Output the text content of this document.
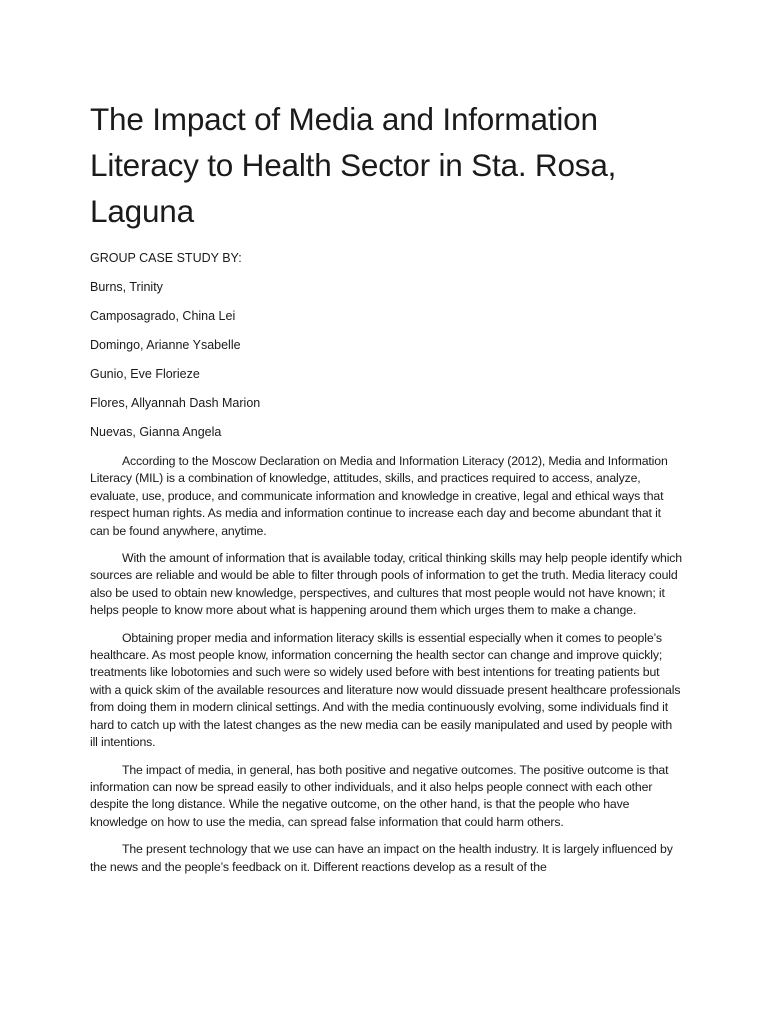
The Impact of Media and Information Literacy to Health Sector in Sta. Rosa, Laguna

GROUP CASE STUDY BY:

Burns, Trinity

Camposagrado, China Lei

Domingo, Arianne Ysabelle

Gunio, Eve Florieze

Flores, Allyannah Dash Marion

Nuevas, Gianna Angela

According to the Moscow Declaration on Media and Information Literacy (2012), Media and Information Literacy (MIL) is a combination of knowledge, attitudes, skills, and practices required to access, analyze, evaluate, use, produce, and communicate information and knowledge in creative, legal and ethical ways that respect human rights. As media and information continue to increase each day and become abundant that it can be found anywhere, anytime.

With the amount of information that is available today, critical thinking skills may help people identify which sources are reliable and would be able to filter through pools of information to get the truth. Media literacy could also be used to obtain new knowledge, perspectives, and cultures that most people would not have known; it helps people to know more about what is happening around them which urges them to make a change.

Obtaining proper media and information literacy skills is essential especially when it comes to people’s healthcare. As most people know, information concerning the health sector can change and improve quickly; treatments like lobotomies and such were so widely used before with best intentions for treating patients but with a quick skim of the available resources and literature now would dissuade present healthcare professionals from doing them in modern clinical settings. And with the media continuously evolving, some individuals find it hard to catch up with the latest changes as the new media can be easily manipulated and used by people with ill intentions.

The impact of media, in general, has both positive and negative outcomes. The positive outcome is that information can now be spread easily to other individuals, and it also helps people connect with each other despite the long distance. While the negative outcome, on the other hand, is that the people who have knowledge on how to use the media, can spread false information that could harm others.

The present technology that we use can have an impact on the health industry. It is largely influenced by the news and the people’s feedback on it. Different reactions develop as a result of the
